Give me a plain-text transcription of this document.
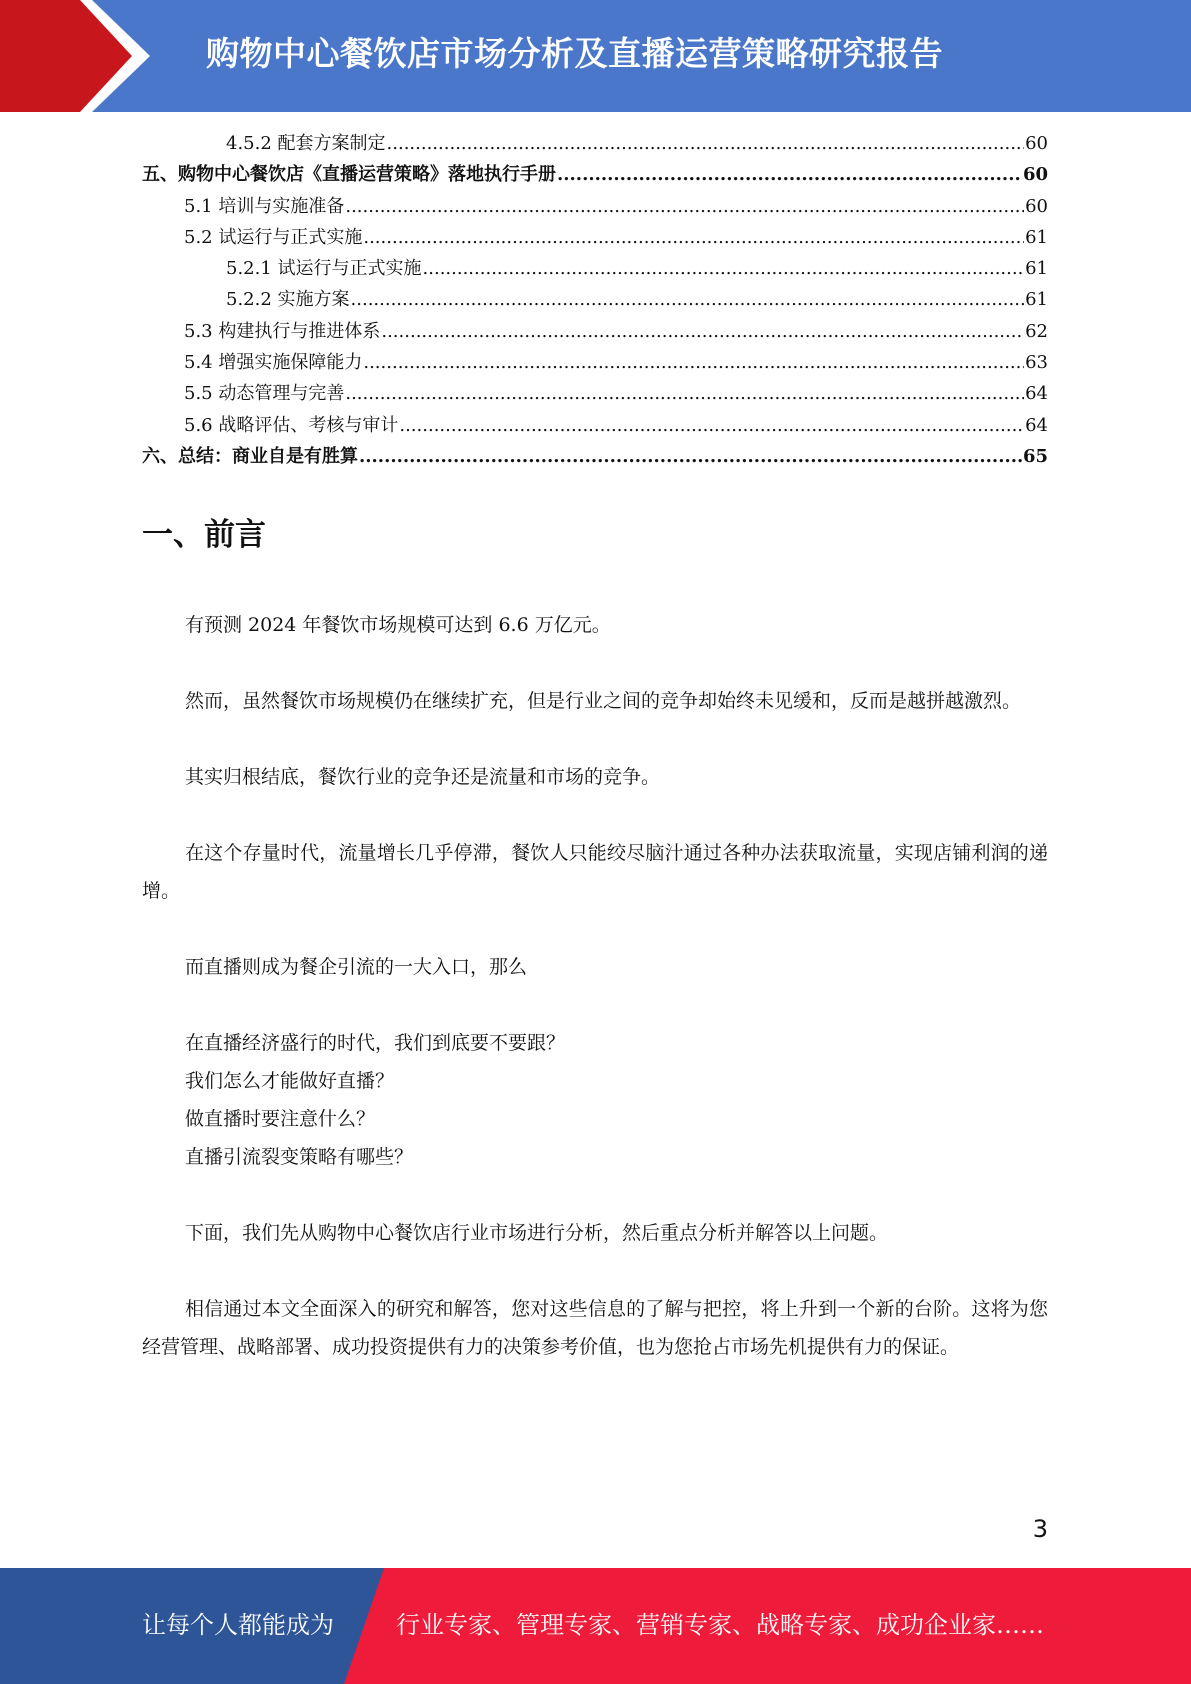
购物中心餐饮店市场分析及直播运营策略研究报告
4.5.2 配套方案制定 .....	60
五、购物中心餐饮店《直播运营策略》落地执行手册 .....	60
5.1 培训与实施准备 .....	60
5.2 试运行与正式实施 .....	61
5.2.1 试运行与正式实施 .....	61
5.2.2 实施方案 .....	61
5.3 构建执行与推进体系 .....	62
5.4 增强实施保障能力 .....	63
5.5 动态管理与完善 .....	64
5.6 战略评估、考核与审计 .....	64
六、总结：商业自是有胜算 .....	65
一、前言

有预测 2024 年餐饮市场规模可达到 6.6 万亿元。

然而，虽然餐饮市场规模仍在继续扩充，但是行业之间的竞争却始终未见缓和，反而是越拼越激烈。

其实归根结底，餐饮行业的竞争还是流量和市场的竞争。

在这个存量时代，流量增长几乎停滞，餐饮人只能绞尽脑汁通过各种办法获取流量，实现店铺利润的递增。

而直播则成为餐企引流的一大入口，那么

在直播经济盛行的时代，我们到底要不要跟？

我们怎么才能做好直播？

做直播时要注意什么？

直播引流裂变策略有哪些？

下面，我们先从购物中心餐饮店行业市场进行分析，然后重点分析并解答以上问题。

相信通过本文全面深入的研究和解答，您对这些信息的了解与把控，将上升到一个新的台阶。这将为您经营管理、战略部署、成功投资提供有力的决策参考价值，也为您抢占市场先机提供有力的保证。

3
让每个人都能成为	行业专家、管理专家、营销专家、战略专家、成功企业家……
